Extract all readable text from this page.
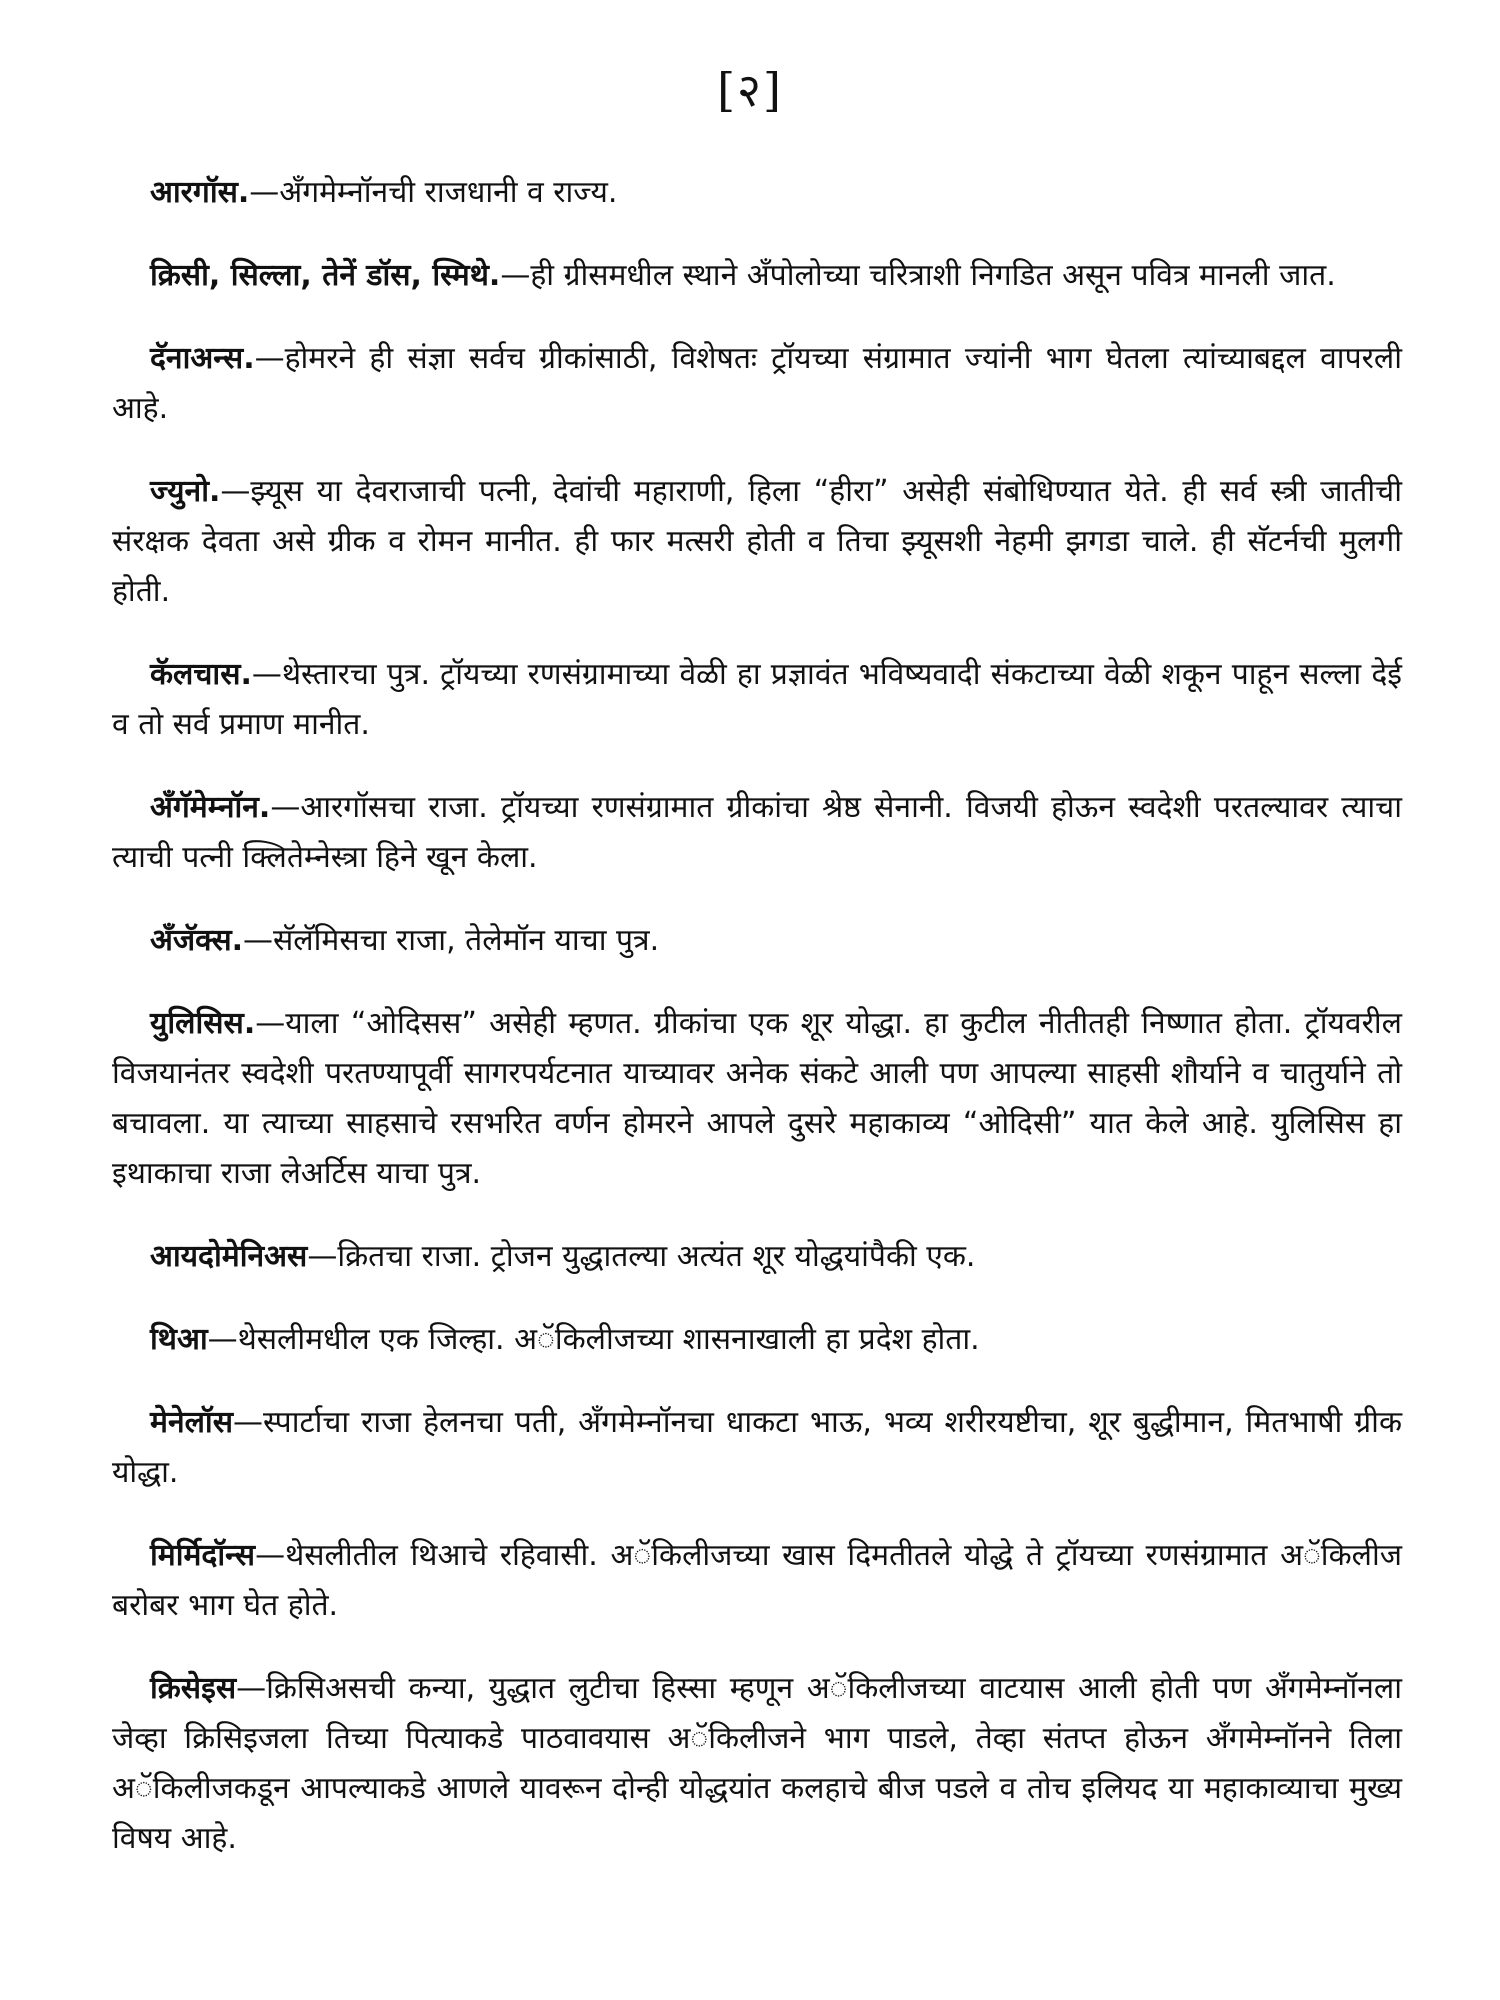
[२]

आरगॉस.—अँगमेम्नॉनची राजधानी व राज्य.

क्रिसी, सिल्ला, तेनें डॉस, स्मिथे.—ही ग्रीसमधील स्थाने अँपोलोच्या चरित्राशी निगडित असून पवित्र मानली जात.

दॅनाअन्स.—होमरने ही संज्ञा सर्वच ग्रीकांसाठी, विशेषतः ट्रॉयच्या संग्रामात ज्यांनी भाग घेतला त्यांच्याबद्दल वापरली आहे.

ज्युनो.—झ्यूस या देवराजाची पत्नी, देवांची महाराणी, हिला “हीरा” असेही संबोधिण्यात येते. ही सर्व स्त्री जातीची संरक्षक देवता असे ग्रीक व रोमन मानीत. ही फार मत्सरी होती व तिचा झ्यूसशी नेहमी झगडा चाले. ही सॅटर्नची मुलगी होती.

कॅलचास.—थेस्तारचा पुत्र. ट्रॉयच्या रणसंग्रामाच्या वेळी हा प्रज्ञावंत भविष्यवादी संकटाच्या वेळी शकून पाहून सल्ला देई व तो सर्व प्रमाण मानीत.

अँगॅमेम्नॉन.—आरगॉसचा राजा. ट्रॉयच्या रणसंग्रामात ग्रीकांचा श्रेष्ठ सेनानी. विजयी होऊन स्वदेशी परतल्यावर त्याचा त्याची पत्नी क्लितेम्नेस्त्रा हिने खून केला.

अँजॅक्स.—सॅलॅमिसचा राजा, तेलेमॉन याचा पुत्र.

युलिसिस.—याला “ओदिसस” असेही म्हणत. ग्रीकांचा एक शूर योद्धा. हा कुटील नीतीतही निष्णात होता. ट्रॉयवरील विजयानंतर स्वदेशी परतण्यापूर्वी सागरपर्यटनात याच्यावर अनेक संकटे आली पण आपल्या साहसी शौर्याने व चातुर्याने तो बचावला. या त्याच्या साहसाचे रसभरित वर्णन होमरने आपले दुसरे महाकाव्य “ओदिसी” यात केले आहे. युलिसिस हा इथाकाचा राजा लेअर्टिस याचा पुत्र.

आयदोमेनिअस—क्रितचा राजा. ट्रोजन युद्धातल्या अत्यंत शूर योद्धयांपैकी एक.

थिआ—थेसलीमधील एक जिल्हा. अॅकिलीजच्या शासनाखाली हा प्रदेश होता.

मेनेलॉस—स्पार्टाचा राजा हेलनचा पती, अँगमेम्नॉनचा धाकटा भाऊ, भव्य शरीरयष्टीचा, शूर बुद्धीमान, मितभाषी ग्रीक योद्धा.

मिर्मिदॉन्स—थेसलीतील थिआचे रहिवासी. अॅकिलीजच्या खास दिमतीतले योद्धे ते ट्रॉयच्या रणसंग्रामात अॅकिलीज बरोबर भाग घेत होते.

क्रिसेइस—क्रिसिअसची कन्या, युद्धात लुटीचा हिस्सा म्हणून अॅकिलीजच्या वाटयास आली होती पण अँगमेम्नॉनला जेव्हा क्रिसिइजला तिच्या पित्याकडे पाठवावयास अॅकिलीजने भाग पाडले, तेव्हा संतप्त होऊन अँगमेम्नॉनने तिला अॅकिलीजकडून आपल्याकडे आणले यावरून दोन्ही योद्धयांत कलहाचे बीज पडले व तोच इलियद या महाकाव्याचा मुख्य विषय आहे.
